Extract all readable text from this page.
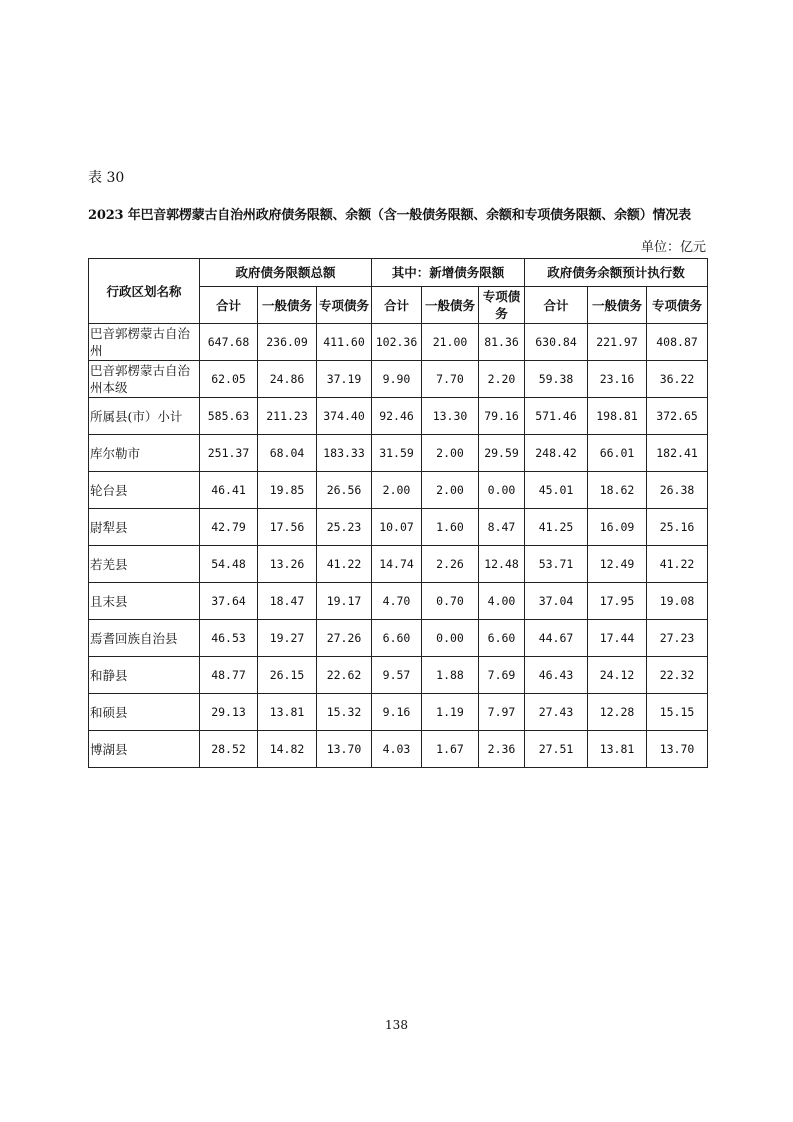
表 30
2023 年巴音郭楞蒙古自治州政府债务限额、余额（含一般债务限额、余额和专项债务限额、余额）情况表
单位：亿元
行政区划名称	政府债务限额总额			其中：新增债务限额			政府债务余额预计执行数		
	合计	一般债务	专项债务	合计	一般债务	专项债务	合计	一般债务	专项债务
巴音郭楞蒙古自治州	647.68	236.09	411.60	102.36	21.00	81.36	630.84	221.97	408.87
巴音郭楞蒙古自治州本级	62.05	24.86	37.19	9.90	7.70	2.20	59.38	23.16	36.22
所属县(市）小计	585.63	211.23	374.40	92.46	13.30	79.16	571.46	198.81	372.65
库尔勒市	251.37	68.04	183.33	31.59	2.00	29.59	248.42	66.01	182.41
轮台县	46.41	19.85	26.56	2.00	2.00	0.00	45.01	18.62	26.38
尉犁县	42.79	17.56	25.23	10.07	1.60	8.47	41.25	16.09	25.16
若羌县	54.48	13.26	41.22	14.74	2.26	12.48	53.71	12.49	41.22
且末县	37.64	18.47	19.17	4.70	0.70	4.00	37.04	17.95	19.08
焉耆回族自治县	46.53	19.27	27.26	6.60	0.00	6.60	44.67	17.44	27.23
和静县	48.77	26.15	22.62	9.57	1.88	7.69	46.43	24.12	22.32
和硕县	29.13	13.81	15.32	9.16	1.19	7.97	27.43	12.28	15.15
博湖县	28.52	14.82	13.70	4.03	1.67	2.36	27.51	13.81	13.70
138
